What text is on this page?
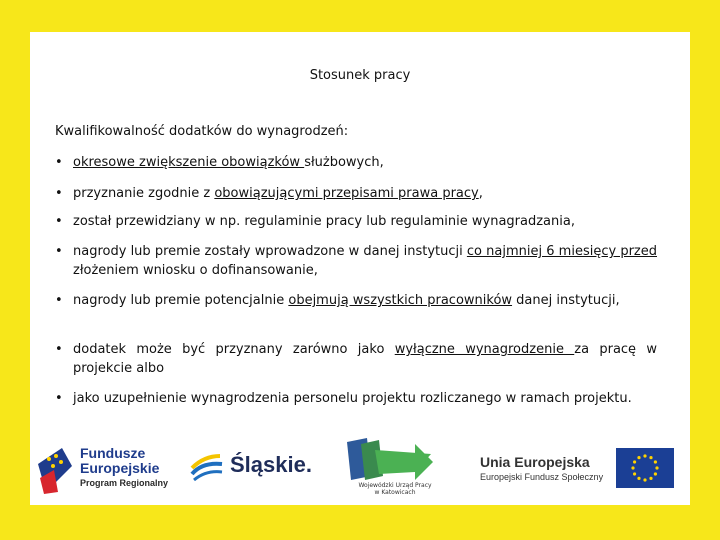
Stosunek pracy
Kwalifikowalność dodatków do wynagrodzeń:
• okresowe zwiększenie obowiązków służbowych,
• przyznanie zgodnie z obowiązującymi przepisami prawa pracy,
• został przewidziany w np. regulaminie pracy lub regulaminie wynagradzania,
• nagrody lub premie zostały wprowadzone w danej instytucji co najmniej 6 miesięcy przed złożeniem wniosku o dofinansowanie,
• nagrody lub premie potencjalnie obejmują wszystkich pracowników danej instytucji,
• dodatek może być przyznany zarówno jako wyłączne wynagrodzenie za pracę w projekcie albo
• jako uzupełnienie wynagrodzenia personelu projektu rozliczanego w ramach projektu.
Fundusze
Europejskie
Program Regionalny
Śląskie.
Wojewódzki Urząd Pracy
w Katowicach
Unia Europejska
Europejski Fundusz Społeczny
